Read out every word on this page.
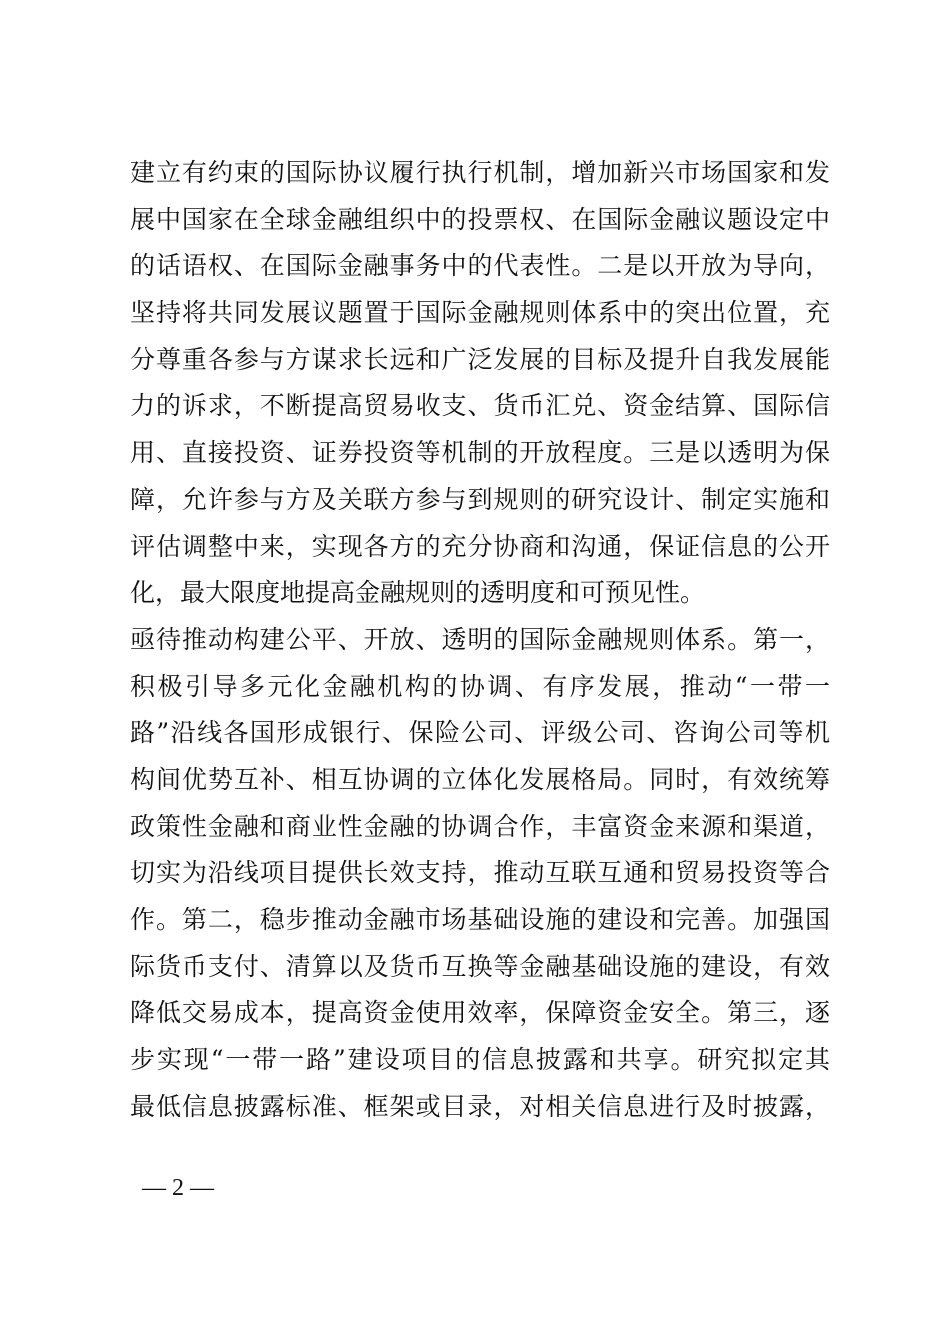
建立有约束的国际协议履行执行机制，增加新兴市场国家和发
展中国家在全球金融组织中的投票权、在国际金融议题设定中
的话语权、在国际金融事务中的代表性。二是以开放为导向，
坚持将共同发展议题置于国际金融规则体系中的突出位置，充
分尊重各参与方谋求长远和广泛发展的目标及提升自我发展能
力的诉求，不断提高贸易收支、货币汇兑、资金结算、国际信
用、直接投资、证券投资等机制的开放程度。三是以透明为保
障，允许参与方及关联方参与到规则的研究设计、制定实施和
评估调整中来，实现各方的充分协商和沟通，保证信息的公开
化，最大限度地提高金融规则的透明度和可预见性。
亟待推动构建公平、开放、透明的国际金融规则体系。第一，
积极引导多元化金融机构的协调、有序发展，推动“一带一
路”沿线各国形成银行、保险公司、评级公司、咨询公司等机
构间优势互补、相互协调的立体化发展格局。同时，有效统筹
政策性金融和商业性金融的协调合作，丰富资金来源和渠道，
切实为沿线项目提供长效支持，推动互联互通和贸易投资等合
作。第二，稳步推动金融市场基础设施的建设和完善。加强国
际货币支付、清算以及货币互换等金融基础设施的建设，有效
降低交易成本，提高资金使用效率，保障资金安全。第三，逐
步实现“一带一路”建设项目的信息披露和共享。研究拟定其
最低信息披露标准、框架或目录，对相关信息进行及时披露，
— 2 —
